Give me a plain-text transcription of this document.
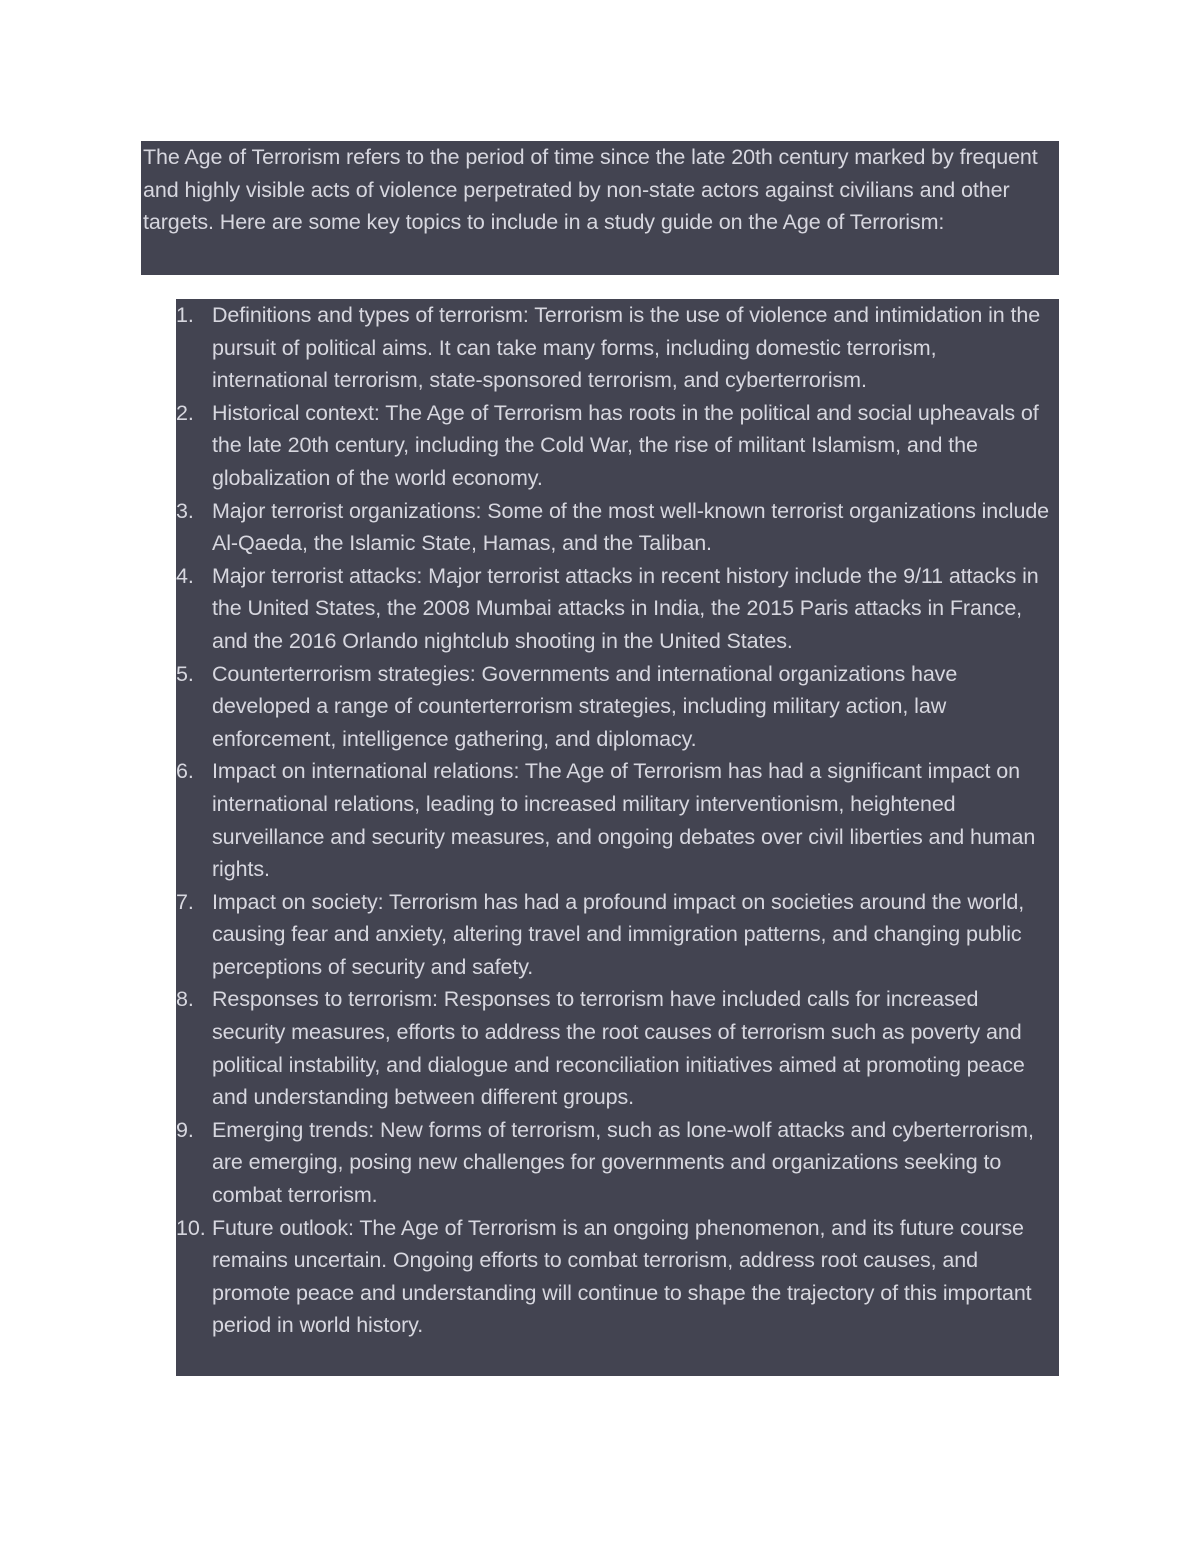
The Age of Terrorism refers to the period of time since the late 20th century marked by frequent and highly visible acts of violence perpetrated by non-state actors against civilians and other targets. Here are some key topics to include in a study guide on the Age of Terrorism:
1. Definitions and types of terrorism: Terrorism is the use of violence and intimidation in the pursuit of political aims. It can take many forms, including domestic terrorism, international terrorism, state-sponsored terrorism, and cyberterrorism.
2. Historical context: The Age of Terrorism has roots in the political and social upheavals of the late 20th century, including the Cold War, the rise of militant Islamism, and the globalization of the world economy.
3. Major terrorist organizations: Some of the most well-known terrorist organizations include Al-Qaeda, the Islamic State, Hamas, and the Taliban.
4. Major terrorist attacks: Major terrorist attacks in recent history include the 9/11 attacks in the United States, the 2008 Mumbai attacks in India, the 2015 Paris attacks in France, and the 2016 Orlando nightclub shooting in the United States.
5. Counterterrorism strategies: Governments and international organizations have developed a range of counterterrorism strategies, including military action, law enforcement, intelligence gathering, and diplomacy.
6. Impact on international relations: The Age of Terrorism has had a significant impact on international relations, leading to increased military interventionism, heightened surveillance and security measures, and ongoing debates over civil liberties and human rights.
7. Impact on society: Terrorism has had a profound impact on societies around the world, causing fear and anxiety, altering travel and immigration patterns, and changing public perceptions of security and safety.
8. Responses to terrorism: Responses to terrorism have included calls for increased security measures, efforts to address the root causes of terrorism such as poverty and political instability, and dialogue and reconciliation initiatives aimed at promoting peace and understanding between different groups.
9. Emerging trends: New forms of terrorism, such as lone-wolf attacks and cyberterrorism, are emerging, posing new challenges for governments and organizations seeking to combat terrorism.
10. Future outlook: The Age of Terrorism is an ongoing phenomenon, and its future course remains uncertain. Ongoing efforts to combat terrorism, address root causes, and promote peace and understanding will continue to shape the trajectory of this important period in world history.
